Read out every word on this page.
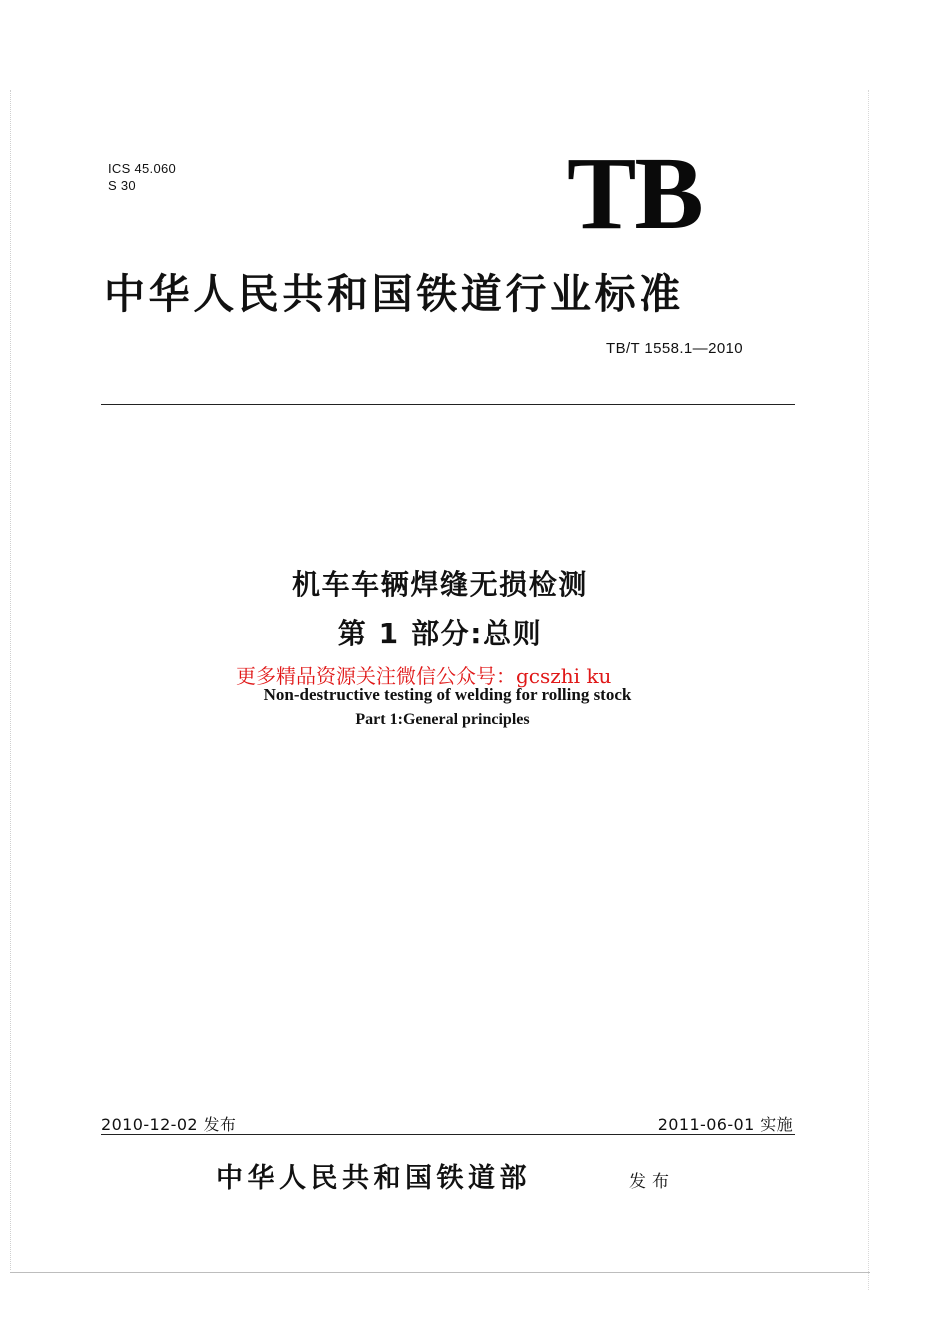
ICS 45.060
S 30	TB
中华人民共和国铁道行业标准
TB/T 1558.1—2010
机车车辆焊缝无损检测
第 1 部分:总则
更多精品资源关注微信公众号：gcszhi ku
Non-destructive testing of welding for rolling stock
Part 1:General principles
2010-12-02 发布	2011-06-01 实施
中华人民共和国铁道部	发布
